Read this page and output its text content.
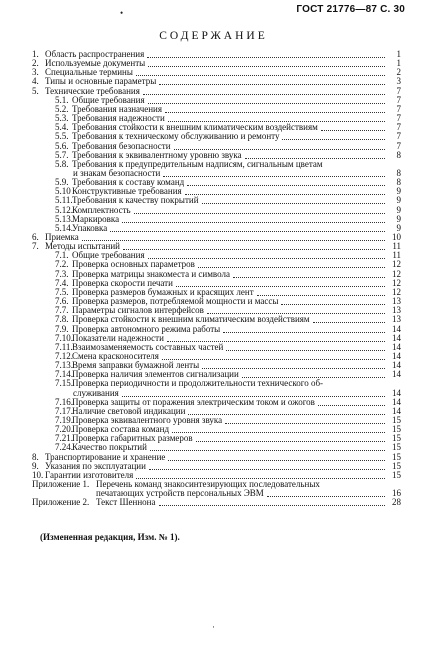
ГОСТ 21776—87 С. 30
•
·
СОДЕРЖАНИЕ
1. Область распространения	1
2. Используемые документы	1
3. Специальные термины	2
4. Типы и основные параметры	3
5. Технические требования	7
5.1. Общие требования	7
5.2. Требования назначения	7
5.3. Требования надежности	7
5.4. Требования стойкости к внешним климатическим воздействиям	7
5.5. Требования к техническому обслуживанию и ремонту	7
5.6. Требования безопасности	7
5.7. Требования к эквивалентному уровню звука	8
5.8. Требования к предупредительным надписям, сигнальным цветам
и знакам безопасности	8
5.9. Требования к составу команд	8
5.10 Конструктивные требования	9
5.11. Требования к качеству покрытий	9
5.12. Комплектность	9
5.13. Маркировка	9
5.14. Упаковка	9
6. Приемка	10
7. Методы испытаний	11
7.1. Общие требования	11
7.2. Проверка основных параметров	12
7.3. Проверка матрицы знакоместа и символа	12
7.4. Проверка скорости печати	12
7.5. Проверка размеров бумажных и красящих лент	12
7.6. Проверка размеров, потребляемой мощности и массы	13
7.7. Параметры сигналов интерфейсов	13
7.8. Проверка стойкости к внешним климатическим воздействиям	13
7.9. Проверка автономного режима работы	14
7.10. Показатели надежности	14
7.11. Взаимозаменяемость составных частей	14
7.12. Смена красконосителя	14
7.13. Время заправки бумажной ленты	14
7.14. Проверка наличия элементов сигнализации	14
7.15. Проверка периодичности и продолжительности технического об-
служивания	14
7.16. Проверка защиты от поражения электрическим током и ожогов	14
7.17. Наличие световой индикации	14
7.19. Проверка эквивалентного уровня звука	15
7.20. Проверка состава команд	15
7.21. Проверка габаритных размеров	15
7.24. Качество покрытий	15
8. Транспортирование и хранение	15
9. Указания по эксплуатации	15
10. Гарантии изготовителя	15
Приложение 1. Перечень команд знакосинтезирующих последовательных
печатающих устройств персональных ЭВМ	16
Приложение 2. Текст Шеннона	28
(Измененная редакция, Изм. № 1).
